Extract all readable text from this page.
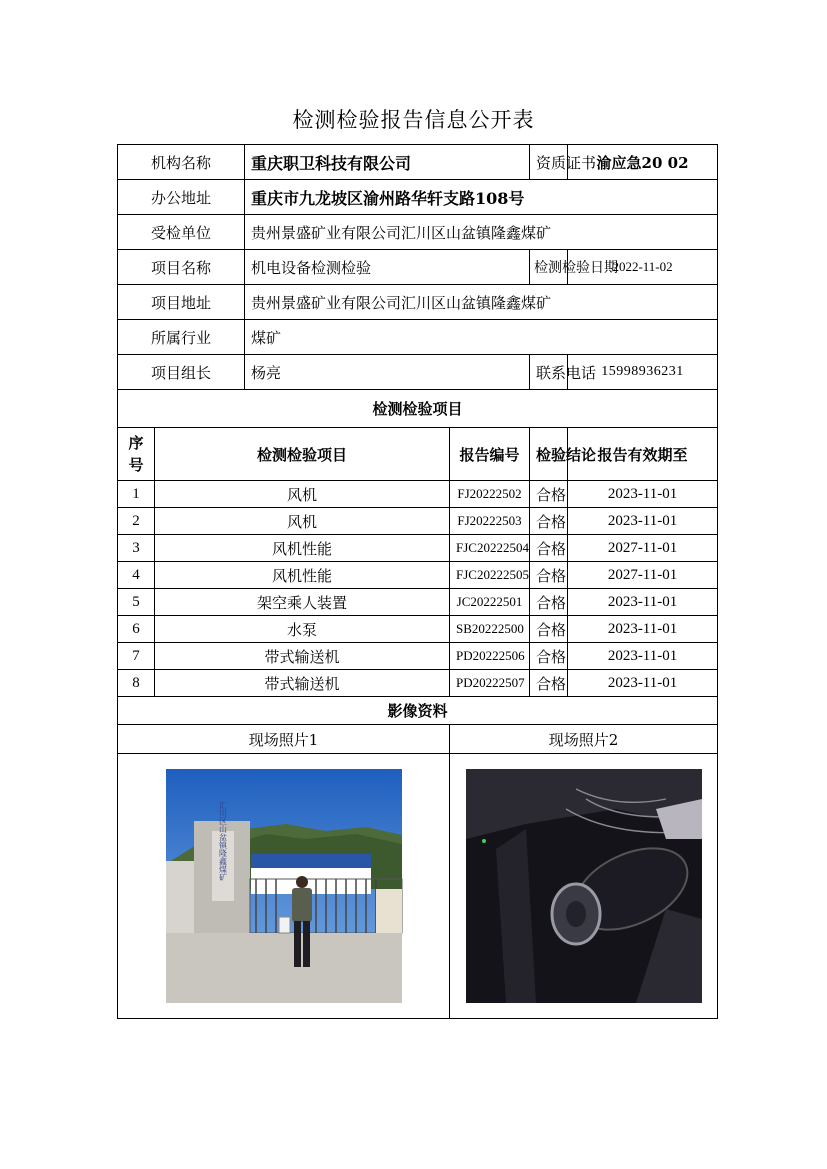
检测检验报告信息公开表
机构名称		重庆职卫科技有限公司		资质证书	渝应急20 02
办公地址		重庆市九龙坡区渝州路华轩支路108号			
受检单位		贵州景盛矿业有限公司汇川区山盆镇隆鑫煤矿			
项目名称		机电设备检测检验		检测检验日期	2022-11-02
项目地址		贵州景盛矿业有限公司汇川区山盆镇隆鑫煤矿			
所属行业		煤矿			
项目组长		杨亮		联系电话	15998936231
检测检验项目					
序
号	检测检验项目		报告编号	检验结论	报告有效期至
1	风机		FJ20222502	合格	2023-11-01
2	风机		FJ20222503	合格	2023-11-01
3	风机性能		FJC20222504	合格	2027-11-01
4	风机性能		FJC20222505	合格	2027-11-01
5	架空乘人装置		JC20222501	合格	2023-11-01
6	水泵		SB20222500	合格	2023-11-01
7	带式输送机		PD20222506	合格	2023-11-01
8	带式输送机		PD20222507	合格	2023-11-01
影像资料					
现场照片1			现场照片2		

汇川区山盆镇隆鑫煤矿
